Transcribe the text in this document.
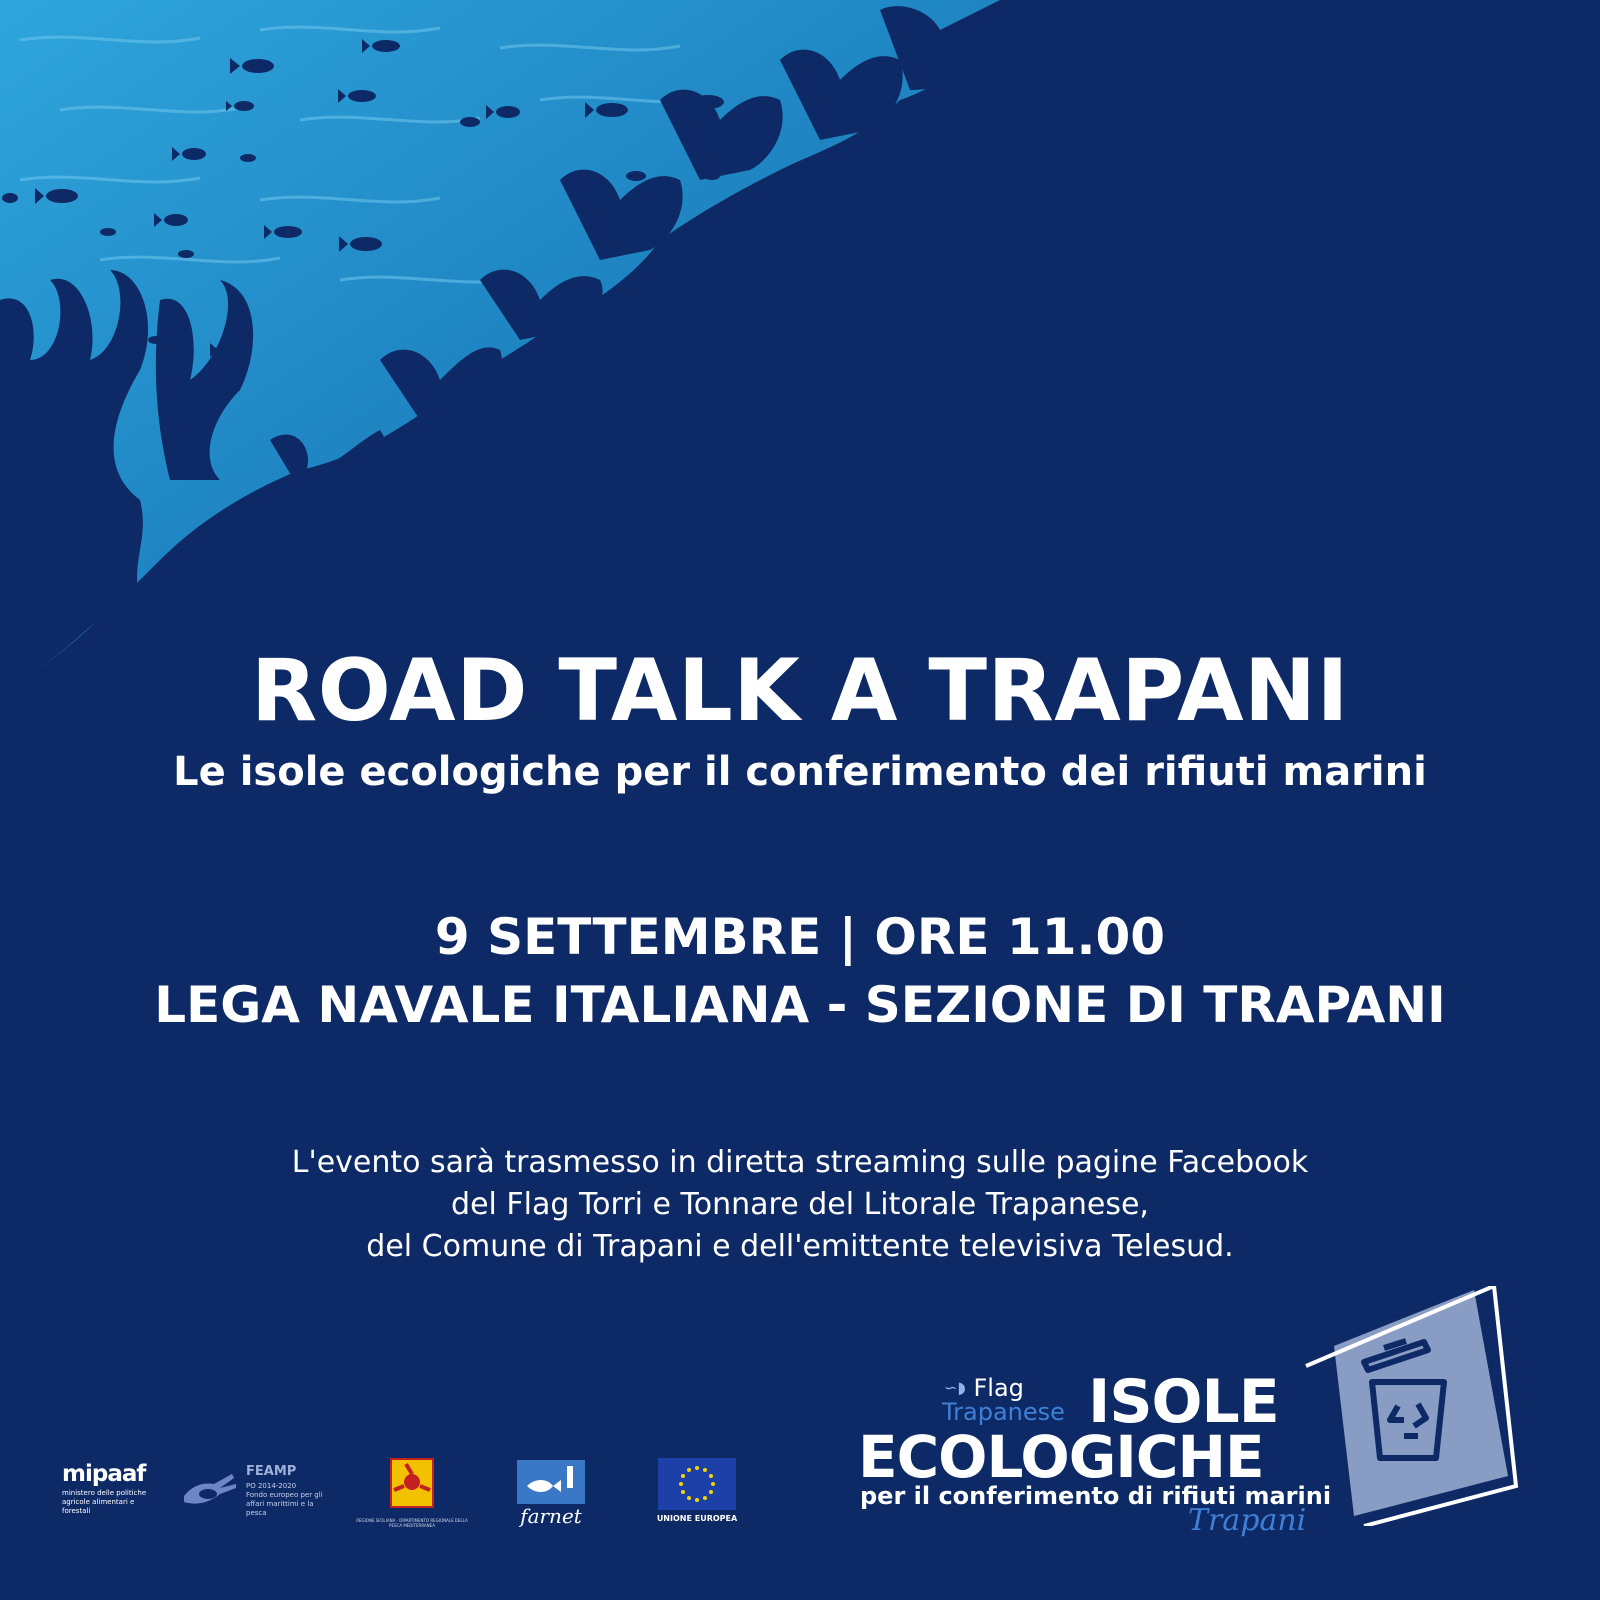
ROAD TALK A TRAPANI
Le isole ecologiche per il conferimento dei rifiuti marini
9 SETTEMBRE | ORE 11.00
LEGA NAVALE ITALIANA - SEZIONE DI TRAPANI
L'evento sarà trasmesso in diretta streaming sulle pagine Facebook
del Flag Torri e Tonnare del Litorale Trapanese,
del Comune di Trapani e dell'emittente televisiva Telesud.
mipaaf
ministero delle politiche
agricole alimentari e forestali
FEAMP
PO 2014-2020
Fondo europeo per gli
affari marittimi e la pesca
REGIONE SICILIANA - DIPARTIMENTO REGIONALE DELLA PESCA MEDITERRANEA	farnet	UNIONE EUROPEA
∽◗ Flag
Trapanese ISOLE
ECOLOGICHE
per il conferimento di rifiuti marini
Trapani
